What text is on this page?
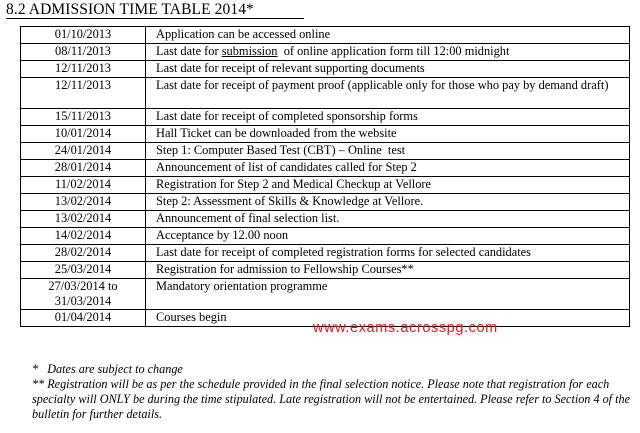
8.2 ADMISSION TIME TABLE 2014*
01/10/2013	Application can be accessed online
08/11/2013	Last date for submission  of online application form till 12:00 midnight
12/11/2013	Last date for receipt of relevant supporting documents
12/11/2013	Last date for receipt of payment proof (applicable only for those who pay by demand draft)
15/11/2013	Last date for receipt of completed sponsorship forms
10/01/2014	Hall Ticket can be downloaded from the website
24/01/2014	Step 1: Computer Based Test (CBT) – Online  test
28/01/2014	Announcement of list of candidates called for Step 2
11/02/2014	Registration for Step 2 and Medical Checkup at Vellore
13/02/2014	Step 2: Assessment of Skills & Knowledge at Vellore.
13/02/2014	Announcement of final selection list.
14/02/2014	Acceptance by 12.00 noon
28/02/2014	Last date for receipt of completed registration forms for selected candidates
25/03/2014	Registration for admission to Fellowship Courses**
27/03/2014 to 31/03/2014	Mandatory orientation programme
01/04/2014	Courses begin
www.exams.acrosspg.com

*   Dates are subject to change

** Registration will be as per the schedule provided in the final selection notice. Please note that registration for each specialty will ONLY be during the time stipulated. Late registration will not be entertained. Please refer to Section 4 of the bulletin for further details.
